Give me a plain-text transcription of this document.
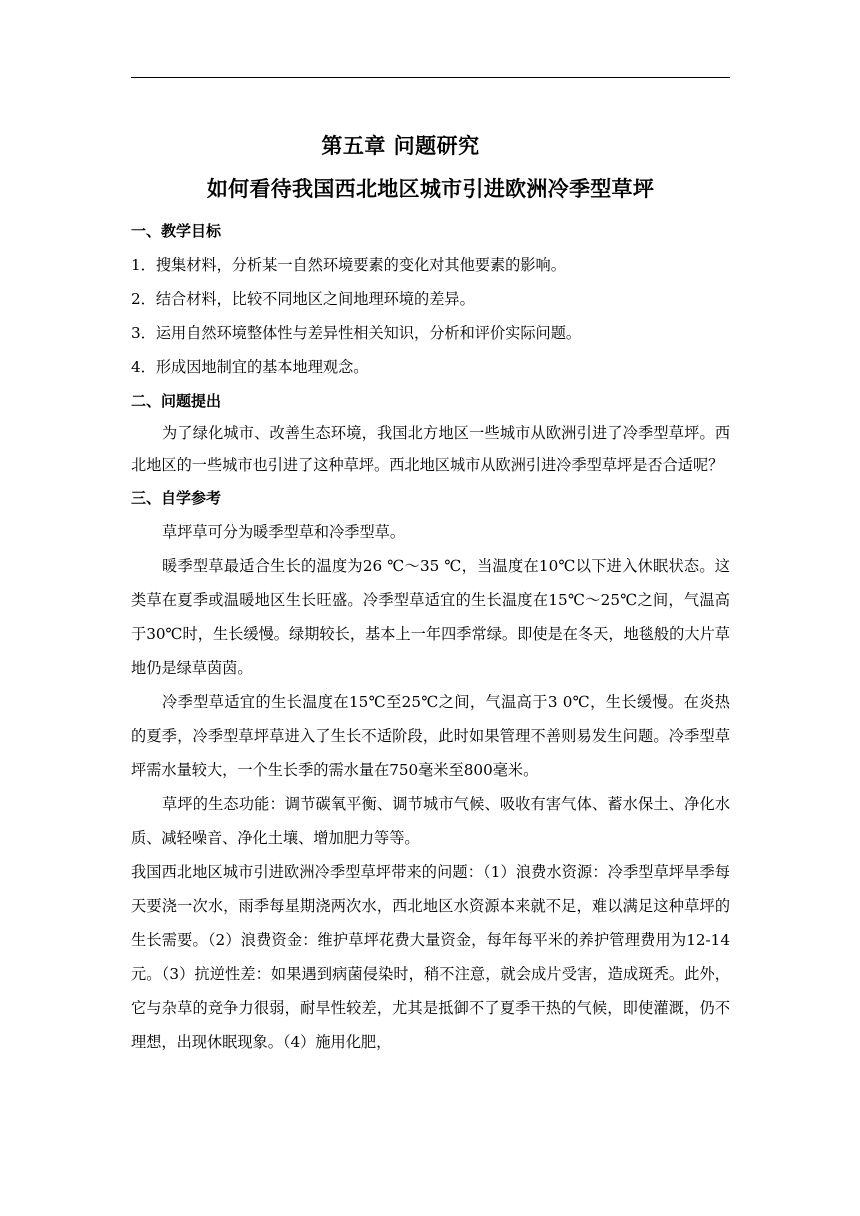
第五章 问题研究
如何看待我国西北地区城市引进欧洲冷季型草坪

一、教学目标

1．搜集材料，分析某一自然环境要素的变化对其他要素的影响。

2．结合材料，比较不同地区之间地理环境的差异。

3．运用自然环境整体性与差异性相关知识，分析和评价实际问题。

4．形成因地制宜的基本地理观念。

二、问题提出

为了绿化城市、改善生态环境，我国北方地区一些城市从欧洲引进了冷季型草坪。西北地区的一些城市也引进了这种草坪。西北地区城市从欧洲引进冷季型草坪是否合适呢？

三、自学参考

草坪草可分为暖季型草和冷季型草。

暖季型草最适合生长的温度为26 ℃～35 ℃，当温度在10℃以下进入休眠状态。这类草在夏季或温暖地区生长旺盛。冷季型草适宜的生长温度在15℃～25℃之间，气温高于30℃时，生长缓慢。绿期较长，基本上一年四季常绿。即使是在冬天，地毯般的大片草地仍是绿草茵茵。

冷季型草适宜的生长温度在15℃至25℃之间，气温高于3 0℃，生长缓慢。在炎热的夏季，冷季型草坪草进入了生长不适阶段，此时如果管理不善则易发生问题。冷季型草坪需水量较大，一个生长季的需水量在750毫米至800毫米。

草坪的生态功能：调节碳氧平衡、调节城市气候、吸收有害气体、蓄水保土、净化水质、减轻噪音、净化土壤、增加肥力等等。

我国西北地区城市引进欧洲冷季型草坪带来的问题：（1）浪费水资源：冷季型草坪旱季每天要浇一次水，雨季每星期浇两次水，西北地区水资源本来就不足，难以满足这种草坪的生长需要。（2）浪费资金：维护草坪花费大量资金，每年每平米的养护管理费用为12-14元。（3）抗逆性差：如果遇到病菌侵染时，稍不注意，就会成片受害，造成斑秃。此外，它与杂草的竞争力很弱，耐旱性较差，尤其是抵御不了夏季干热的气候，即使灌溉，仍不理想，出现休眠现象。（4）施用化肥，
